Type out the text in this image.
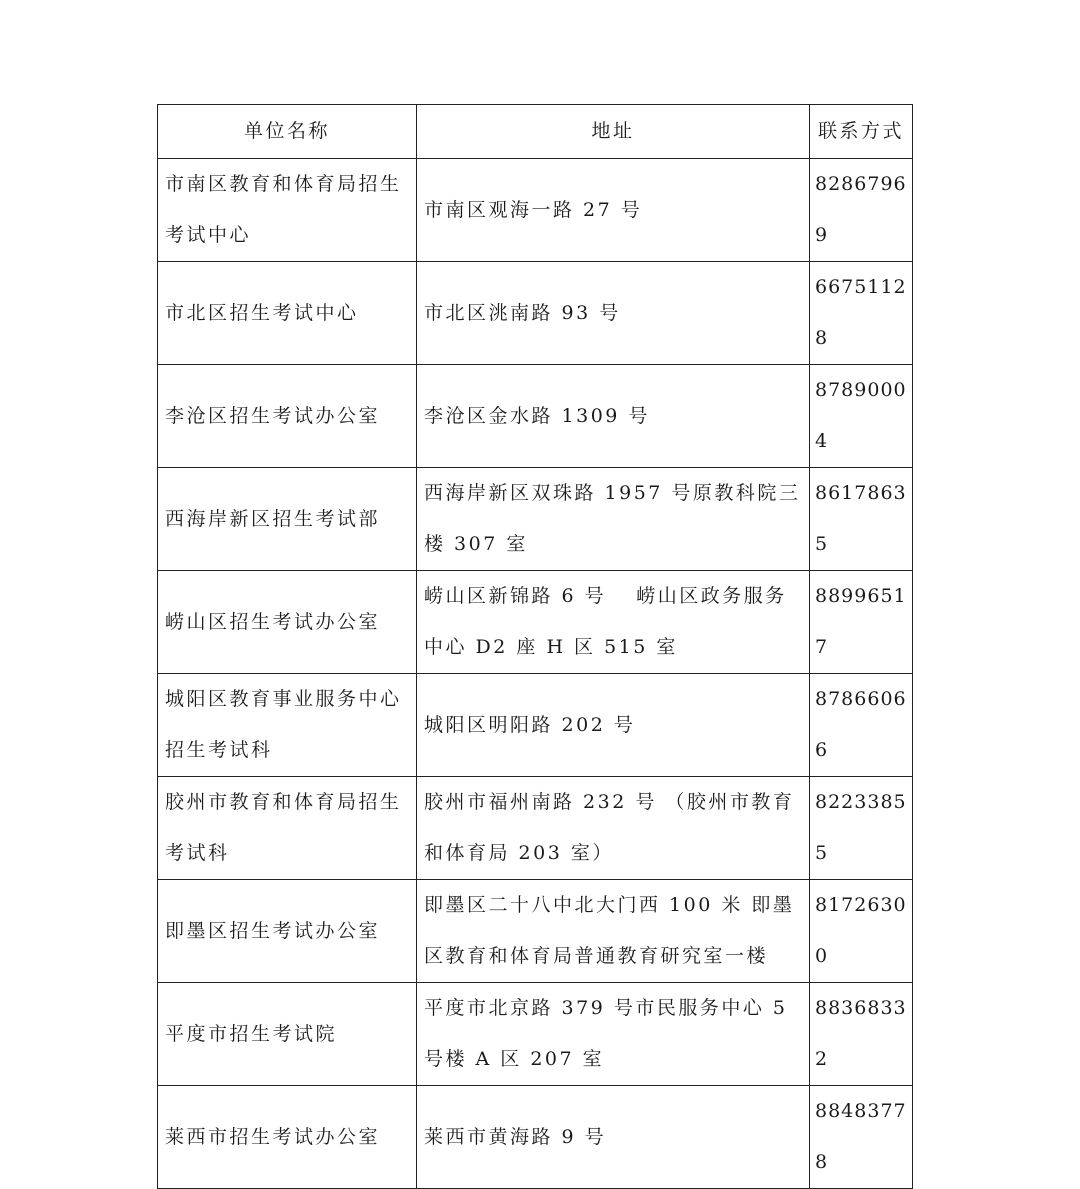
单位名称	地址	联系方式
市南区教育和体育局招生考试中心	市南区观海一路 27 号	82867969
市北区招生考试中心	市北区洮南路 93 号	66751128
李沧区招生考试办公室	李沧区金水路 1309 号	87890004
西海岸新区招生考试部	西海岸新区双珠路 1957 号原教科院三楼 307 室	86178635
崂山区招生考试办公室	崂山区新锦路 6 号　 崂山区政务服务中心 D2 座 H 区 515 室	88996517
城阳区教育事业服务中心招生考试科	城阳区明阳路 202 号	87866066
胶州市教育和体育局招生考试科	胶州市福州南路 232 号 （胶州市教育和体育局 203 室）	82233855
即墨区招生考试办公室	即墨区二十八中北大门西 100 米 即墨区教育和体育局普通教育研究室一楼	81726300
平度市招生考试院	平度市北京路 379 号市民服务中心 5 号楼 A 区 207 室	88368332
莱西市招生考试办公室	莱西市黄海路 9 号	88483778
